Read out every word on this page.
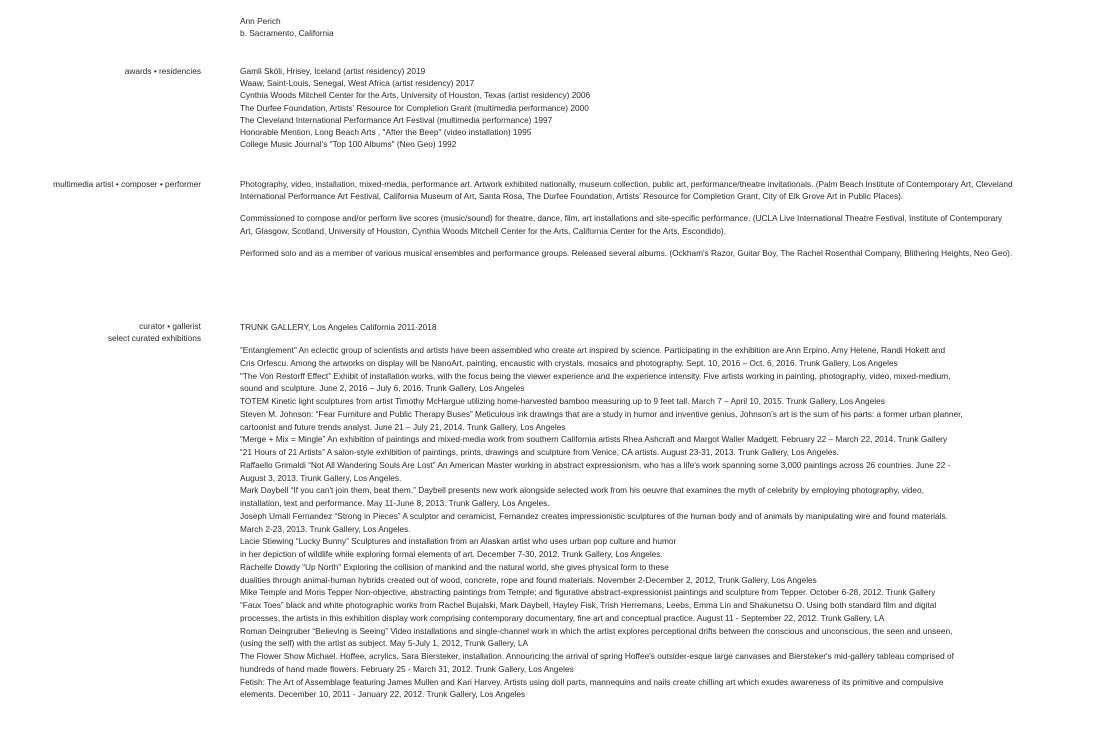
Ann Perich

b. Sacramento, California

awards • residencies	Gamli Skóli, Hrisey, Iceland (artist residency) 2019

Waaw, Saint-Louis, Senegal, West Africa (artist residency) 2017

Cynthia Woods Mitchell Center for the Arts, University of Houston, Texas (artist residency) 2006

The Durfee Foundation, Artists' Resource for Completion Grant (multimedia performance) 2000

The Cleveland International Performance Art Festival (multimedia performance) 1997

Honorable Mention, Long Beach Arts , "After the Beep" (video installation) 1995

College Music Journal's "Top 100 Albums" (Neo Geo) 1992

multimedia artist • composer • performer	Photography, video, installation, mixed-media, performance art. Artwork exhibited nationally, museum collection, public art, performance/theatre invitationals. (Palm Beach Institute of Contemporary Art, Cleveland International Performance Art Festival, California Museum of Art, Santa Rosa, The Durfee Foundation, Artists' Resource for Completion Grant, City of Elk Grove Art in Public Places).

Commissioned to compose and/or perform live scores (music/sound) for theatre, dance, film, art installations and site-specific performance. (UCLA Live International Theatre Festival, Institute of Contemporary Art, Glasgow, Scotland, University of Houston, Cynthia Woods Mitchell Center for the Arts, California Center for the Arts, Escondido).

Performed solo and as a member of various musical ensembles and performance groups. Released several albums. (Ockham's Razor, Guitar Boy, The Rachel Rosenthal Company, Blithering Heights, Neo Geo).

curator • gallerist
select curated exhibitions

TRUNK GALLERY, Los Angeles California 2011-2018

“Entanglement” An eclectic group of scientists and artists have been assembled who create art inspired by science. Participating in the exhibition are Ann Erpino, Amy Helene, Randi Hokett and

Cris Orfescu. Among the artworks on display will be NanoArt, painting, encaustic with crystals, mosaics and photography. Sept. 10, 2016 – Oct. 6, 2016. Trunk Gallery, Los Angeles

“The Von Restorff Effect” Exhibit of installation works, with the focus being the viewer experience and the experience intensity. Five artists working in painting, photography, video, mixed-medium,

sound and sculpture. June 2, 2016 – July 6, 2016. Trunk Gallery, Los Angeles

TOTEM Kinetic light sculptures from artist Timothy McHargue utilizing home-harvested bamboo measuring up to 9 feet tall. March 7 – April 10, 2015. Trunk Gallery, Los Angeles

Steven M. Johnson: “Fear Furniture and Public Therapy Buses” Meticulous ink drawings that are a study in humor and inventive genius, Johnson's art is the sum of his parts: a former urban planner,

cartoonist and future trends analyst. June 21 – July 21, 2014. Trunk Gallery, Los Angeles

“Merge + Mix = Mingle” An exhibition of paintings and mixed-media work from southern California artists Rhea Ashcraft and Margot Waller Madgett. February 22 – March 22, 2014. Trunk Gallery

“21 Hours of 21 Artists” A salon-style exhibition of paintings, prints, drawings and sculpture from Venice, CA artists. August 23-31, 2013. Trunk Gallery, Los Angeles.

Raffaello Grimaldi “Not All Wandering Souls Are Lost” An American Master working in abstract expressionism, who has a life's work spanning some 3,000 paintings across 26 countries. June 22 -

August 3, 2013. Trunk Gallery, Los Angeles.

Mark Daybell “If you can't join them, beat them.” Daybell presents new work alongside selected work from his oeuvre that examines the myth of celebrity by employing photography, video,

installation, text and performance. May 11-June 8, 2013. Trunk Gallery, Los Angeles.

Joseph Umali Fernandez “Strong in Pieces” A sculptor and ceramicist, Fernandez creates impressionistic sculptures of the human body and of animals by manipulating wire and found materials.

March 2-23, 2013. Trunk Gallery, Los Angeles.

Lacie Stiewing “Lucky Bunny” Sculptures and installation from an Alaskan artist who uses urban pop culture and humor

in her depiction of wildlife while exploring formal elements of art. December 7-30, 2012. Trunk Gallery, Los Angeles.

Rachelle Dowdy “Up North” Exploring the collision of mankind and the natural world, she gives physical form to these

dualities through animal-human hybrids created out of wood, concrete, rope and found materials. November 2-December 2, 2012, Trunk Gallery, Los Angeles

Mike Temple and Moris Tepper Non-objective, abstracting paintings from Temple; and figurative abstract-expressionist paintings and sculpture from Tepper. October 6-28, 2012. Trunk Gallery

“Faux Toes” black and white photographic works from Rachel Bujalski, Mark Daybell, Hayley Fisk, Trish Herremans, Leebs, Emma Lin and Shakunetsu O. Using both standard film and digital

processes, the artists in this exhibition display work comprising contemporary documentary, fine art and conceptual practice. August 11 - September 22, 2012. Trunk Gallery, LA

Roman Deingruber “Believing is Seeing” Video installations and single-channel work in which the artist explores perceptional drifts between the conscious and unconscious, the seen and unseen,

(using the self) with the artist as subject. May 5-July 1, 2012, Trunk Gallery, LA

The Flower Show Michael. Hoffee, acrylics, Sara Biersteker, installation. Announcing the arrival of spring Hoffee's outsider-esque large canvases and Biersteker's mid-gallery tableau comprised of

hundreds of hand made flowers. February 25 - March 31, 2012. Trunk Gallery, Los Angeles

Fetish: The Art of Assemblage featuring James Mullen and Kari Harvey. Artists using doll parts, mannequins and nails create chilling art which exudes awareness of its primitive and compulsive

elements. December 10, 2011 - January 22, 2012. Trunk Gallery, Los Angeles
